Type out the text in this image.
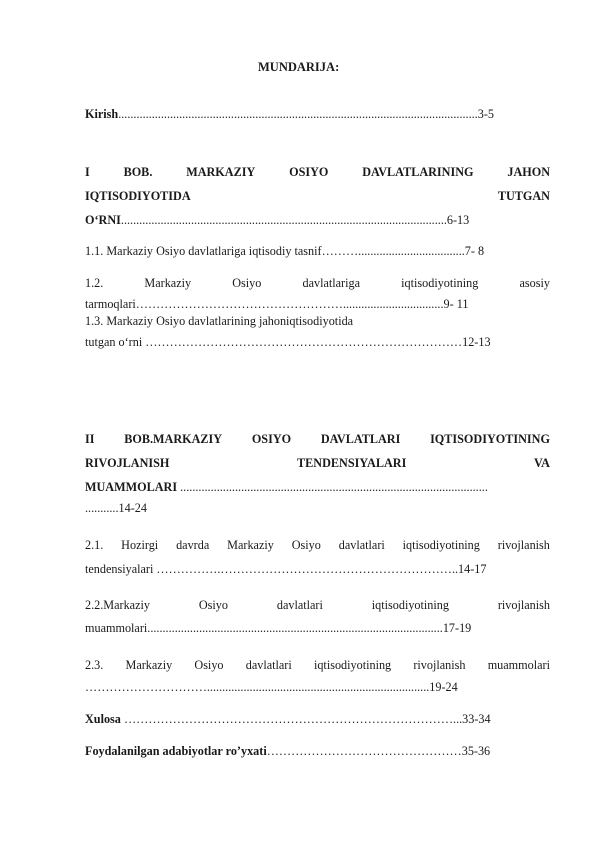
MUNDARIJA:
Kirish......................................................................................................................3-5
I	BOB.	MARKAZIY	OSIYO	DAVLATLARINING	JAHON
IQTISODIYOTIDA	TUTGAN
O‘RNI...........................................................................................................6-13
1.1. Markaziy Osiyo davlatlariga iqtisodiy tasnif………...................................7- 8
1.2.	Markaziy	Osiyo	davlatlariga	iqtisodiyotining	asosiy
tarmoqlari…………………………………………….................................9- 11
1.3. Markaziy Osiyo davlatlarining jahoniqtisodiyotida
tutgan o‘rni ……………………………………………………………………12-13
II BOB.MARKAZIY OSIYO DAVLATLARI IQTISODIYOTINING
RIVOJLANISH	TENDENSIYALARI	VA
MUAMMOLARI .....................................................................................................
...........14-24
2.1. Hozirgi davrda Markaziy Osiyo davlatlari iqtisodiyotining rivojlanish
tendensiyalari …………….…………………………………………………..14-17
2.2.Markaziy	Osiyo	davlatlari	iqtisodiyotining	rivojlanish
muammolari.................................................................................................17-19
2.3. Markaziy Osiyo davlatlari iqtisodiyotining rivojlanish muammolari
………………………….........................................................................19-24
Xulosa ………………………………………………………………………...33-34
Foydalanilgan adabiyotlar ro’yxati…………………………………………35-36
